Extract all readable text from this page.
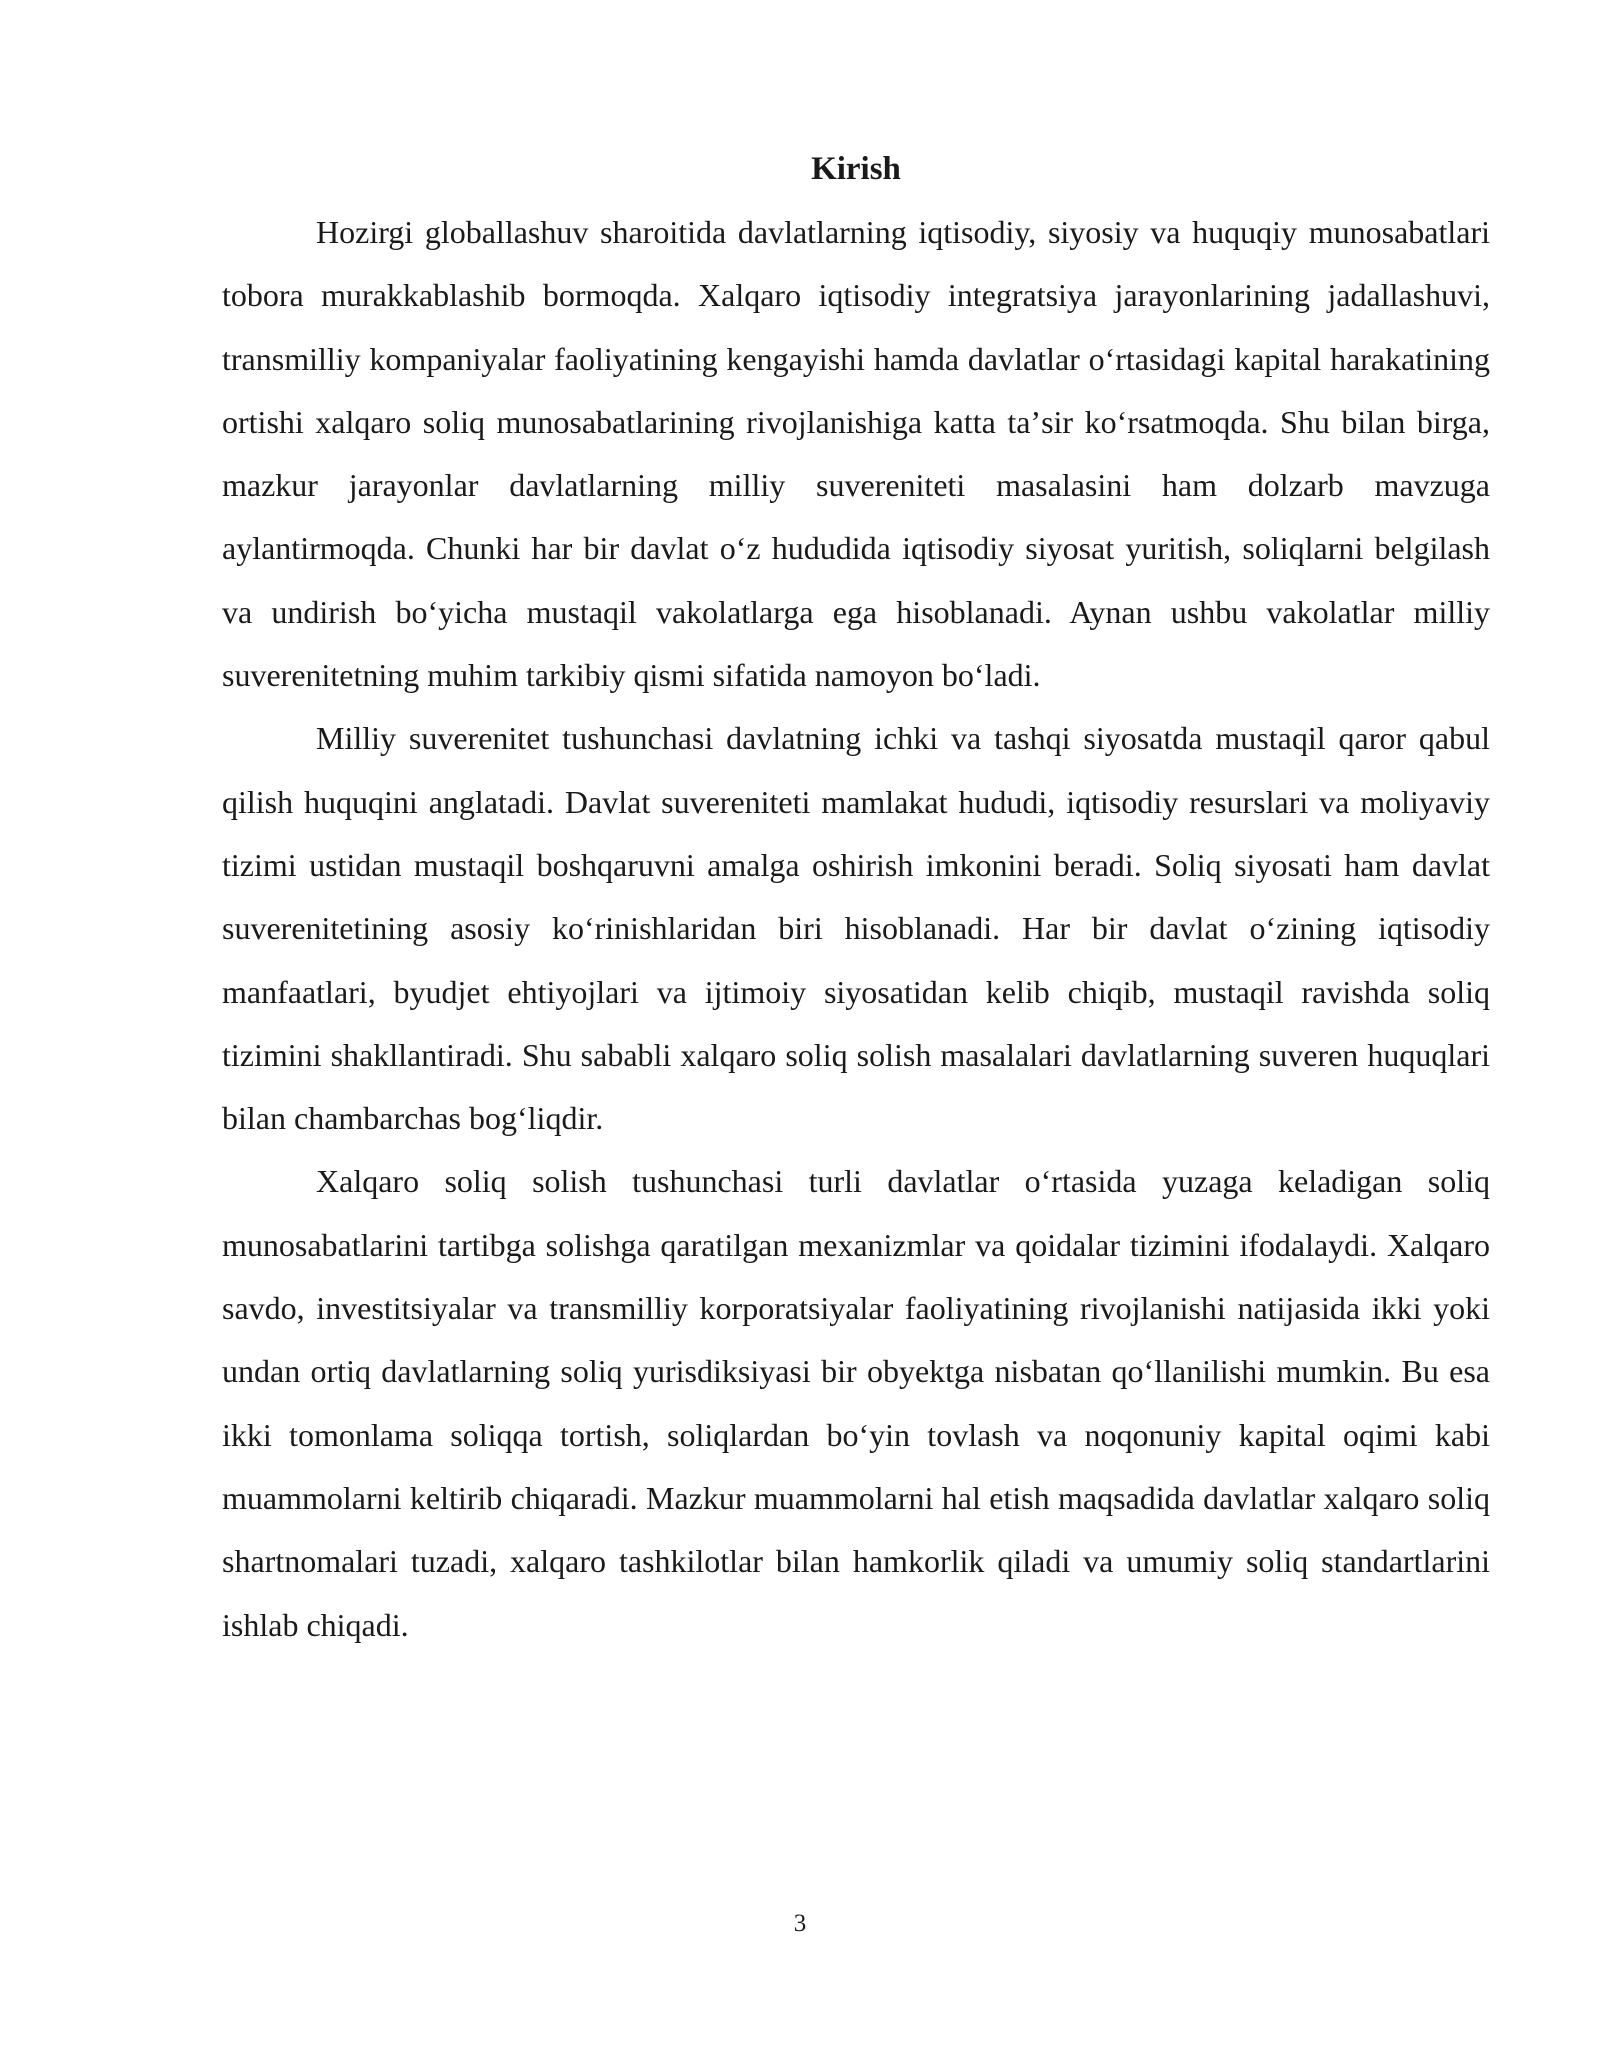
Kirish

Hozirgi globallashuv sharoitida davlatlarning iqtisodiy, siyosiy va huquqiy munosabatlari tobora murakkablashib bormoqda. Xalqaro iqtisodiy integratsiya jarayonlarining jadallashuvi, transmilliy kompaniyalar faoliyatining kengayishi hamda davlatlar oʻrtasidagi kapital harakatining ortishi xalqaro soliq munosabatlarining rivojlanishiga katta taʼsir koʻrsatmoqda. Shu bilan birga, mazkur jarayonlar davlatlarning milliy suvereniteti masalasini ham dolzarb mavzuga aylantirmoqda. Chunki har bir davlat oʻz hududida iqtisodiy siyosat yuritish, soliqlarni belgilash va undirish boʻyicha mustaqil vakolatlarga ega hisoblanadi. Aynan ushbu vakolatlar milliy suverenitetning muhim tarkibiy qismi sifatida namoyon boʻladi.

Milliy suverenitet tushunchasi davlatning ichki va tashqi siyosatda mustaqil qaror qabul qilish huquqini anglatadi. Davlat suvereniteti mamlakat hududi, iqtisodiy resurslari va moliyaviy tizimi ustidan mustaqil boshqaruvni amalga oshirish imkonini beradi. Soliq siyosati ham davlat suverenitetining asosiy koʻrinishlaridan biri hisoblanadi. Har bir davlat oʻzining iqtisodiy manfaatlari, byudjet ehtiyojlari va ijtimoiy siyosatidan kelib chiqib, mustaqil ravishda soliq tizimini shakllantiradi. Shu sababli xalqaro soliq solish masalalari davlatlarning suveren huquqlari bilan chambarchas bogʻliqdir.

Xalqaro soliq solish tushunchasi turli davlatlar oʻrtasida yuzaga keladigan soliq munosabatlarini tartibga solishga qaratilgan mexanizmlar va qoidalar tizimini ifodalaydi. Xalqaro savdo, investitsiyalar va transmilliy korporatsiyalar faoliyatining rivojlanishi natijasida ikki yoki undan ortiq davlatlarning soliq yurisdiksiyasi bir obyektga nisbatan qoʻllanilishi mumkin. Bu esa ikki tomonlama soliqqa tortish, soliqlardan boʻyin tovlash va noqonuniy kapital oqimi kabi muammolarni keltirib chiqaradi. Mazkur muammolarni hal etish maqsadida davlatlar xalqaro soliq shartnomalari tuzadi, xalqaro tashkilotlar bilan hamkorlik qiladi va umumiy soliq standartlarini ishlab chiqadi.

3
